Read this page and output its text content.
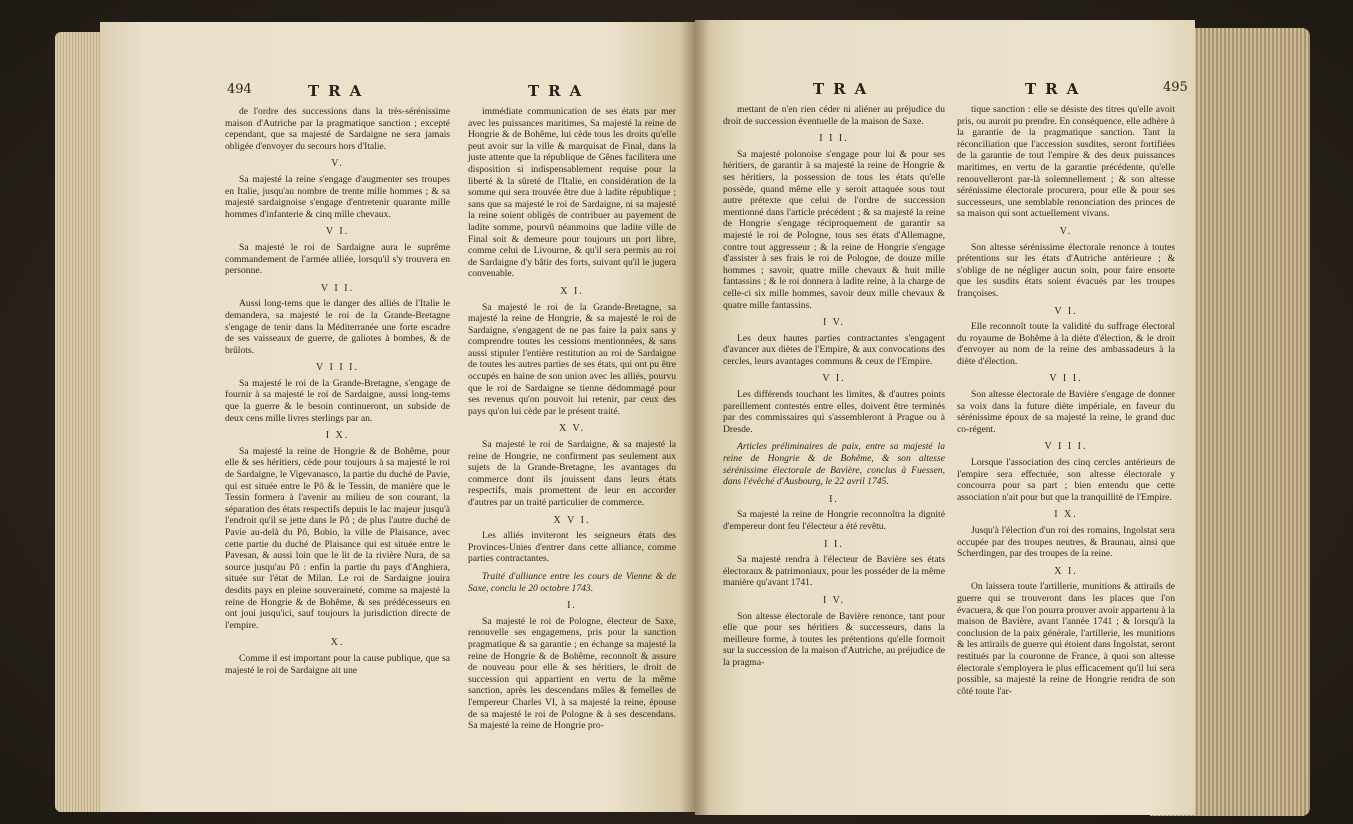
494	TRA	TRA

de l'ordre des successions dans la très-sérénissime maison d'Autriche par la pragmatique sanction ; excepté cependant, que sa majesté de Sardaigne ne sera jamais obligée d'envoyer du secours hors d'Italie.

V.

Sa majesté la reine s'engage d'augmenter ses troupes en Italie, jusqu'au nombre de trente mille hommes ; & sa majesté sardaignoise s'engage d'entretenir quarante mille hommes d'infanterie & cinq mille chevaux.

V I.

Sa majesté le roi de Sardaigne aura le suprême commandement de l'armée alliée, lorsqu'il s'y trouvera en personne.

V I I.

Aussi long-tems que le danger des alliés de l'Italie le demandera, sa majesté le roi de la Grande-Bretagne s'engage de tenir dans la Méditerranée une forte escadre de ses vaisseaux de guerre, de galiotes à bombes, & de brûlots.

V I I I.

Sa majesté le roi de la Grande-Bretagne, s'engage de fournir à sa majesté le roi de Sardaigne, aussi long-tems que la guerre & le besoin continueront, un subside de deux cens mille livres sterlings par an.

I X.

Sa majesté la reine de Hongrie & de Bohême, pour elle & ses héritiers, cède pour toujours à sa majesté le roi de Sardaigne, le Vigevanasco, la partie du duché de Pavie, qui est située entre le Pô & le Tessin, de manière que le Tessin formera à l'avenir au milieu de son courant, la séparation des états respectifs depuis le lac majeur jusqu'à l'endroit qu'il se jette dans le Pô ; de plus l'autre duché de Pavie au-delà du Pô, Bobio, la ville de Plaisance, avec cette partie du duché de Plaisance qui est située entre le Pavesan, & aussi loin que le lit de la rivière Nura, de sa source jusqu'au Pô : enfin la partie du pays d'Anghiera, située sur l'état de Milan. Le roi de Sardaigne jouira desdits pays en pleine souveraineté, comme sa majesté la reine de Hongrie & de Bohême, & ses prédécesseurs en ont joui jusqu'ici, sauf toujours la jurisdiction directe de l'empire.

X.

Comme il est important pour la cause publique, que sa majesté le roi de Sardaigne ait une

immédiate communication de ses états par mer avec les puissances maritimes, Sa majesté la reine de Hongrie & de Bohême, lui cède tous les droits qu'elle peut avoir sur la ville & marquisat de Final, dans la juste attente que la république de Gênes facilitera une disposition si indispensablement requise pour la liberté & la sûreté de l'Italie, en considération de la somme qui sera trouvée être due à ladite république ; sans que sa majesté le roi de Sardaigne, ni sa majesté la reine soient obligés de contribuer au payement de ladite somme, pourvû néanmoins que ladite ville de Final soit & demeure pour toujours un port libre, comme celui de Livourne, & qu'il sera permis au roi de Sardaigne d'y bâtir des forts, suivant qu'il le jugera convenable.

X I.

Sa majesté le roi de la Grande-Bretagne, sa majesté la reine de Hongrie, & sa majesté le roi de Sardaigne, s'engagent de ne pas faire la paix sans y comprendre toutes les cessions mentionnées, & sans aussi stipuler l'entière restitution au roi de Sardaigne de toutes les autres parties de ses états, qui ont pu être occupés en haine de son union avec les alliés, pourvu que le roi de Sardaigne se tienne dédommagé pour ses revenus qu'on pouvoit lui retenir, par ceux des pays qu'on lui cède par le présent traité.

X V.

Sa majesté le roi de Sardaigne, & sa majesté la reine de Hongrie, ne confirment pas seulement aux sujets de la Grande-Bretagne, les avantages du commerce dont ils jouissent dans leurs états respectifs, mais promettent de leur en accorder d'autres par un traité particulier de commerce.

X V I.

Les alliés inviteront les seigneurs états des Provinces-Unies d'entrer dans cette alliance, comme parties contractantes.

Traité d'alliance entre les cours de Vienne & de Saxe, conclu le 20 octobre 1743.

I.

Sa majesté le roi de Pologne, électeur de Saxe, renouvelle ses engagemens, pris pour la sanction pragmatique & sa garantie ; en échange sa majesté la reine de Hongrie & de Bohême, reconnoît & assure de nouveau pour elle & ses héritiers, le droit de succession qui appartient en vertu de la même sanction, après les descendans mâles & femelles de l'empereur Charles VI, à sa majesté la reine, épouse de sa majesté le roi de Pologne & à ses descendans. Sa majesté la reine de Hongrie pro-

TRA	TRA	495

mettant de n'en rien céder ni aliéner au préjudice du droit de succession éventuelle de la maison de Saxe.

I I I.

Sa majesté polonoise s'engage pour lui & pour ses héritiers, de garantir à sa majesté la reine de Hongrie & ses héritiers, la possession de tous les états qu'elle possède, quand même elle y seroit attaquée sous tout autre prétexte que celui de l'ordre de succession mentionné dans l'article précédent ; & sa majesté la reine de Hongrie s'engage réciproquement de garantir sa majesté le roi de Pologne, tous ses états d'Allemagne, contre tout aggresseur ; & la reine de Hongrie s'engage d'assister à ses frais le roi de Pologne, de douze mille hommes ; savoir, quatre mille chevaux & huit mille fantassins ; & le roi donnera à ladite reine, à la charge de celle-ci six mille hommes, savoir deux mille chevaux & quatre mille fantassins.

I V.

Les deux hautes parties contractantes s'engagent d'avancer aux diètes de l'Empire, & aux convocations des cercles, leurs avantages communs & ceux de l'Empire.

V I.

Les différends touchant les limites, & d'autres points pareillement contestés entre elles, doivent être terminés par des commissaires qui s'assembleront à Prague ou à Dresde.

Articles préliminaires de paix, entre sa majesté la reine de Hongrie & de Bohême, & son altesse sérénissime électorale de Bavière, conclus à Fuessen, dans l'évêché d'Ausbourg, le 22 avril 1745.

I.

Sa majesté la reine de Hongrie reconnoîtra la dignité d'empereur dont feu l'électeur a été revêtu.

I I.

Sa majesté rendra à l'électeur de Bavière ses états électoraux & patrimoniaux, pour les posséder de la même manière qu'avant 1741.

I V.

Son altesse électorale de Bavière renonce, tant pour elle que pour ses héritiers & successeurs, dans la meilleure forme, à toutes les prétentions qu'elle formoit sur la succession de la maison d'Autriche, au préjudice de la pragma-

tique sanction : elle se désiste des titres qu'elle avoit pris, ou auroit pu prendre. En conséquence, elle adhère à la garantie de la pragmatique sanction. Tant la réconciliation que l'accession susdites, seront fortifiées de la garantie de tout l'empire & des deux puissances maritimes, en vertu de la garantie précédente, qu'elle renouvelleront par-là solemnellement ; & son altesse sérénissime électorale procurera, pour elle & pour ses successeurs, une semblable renonciation des princes de sa maison qui sont actuellement vivans.

V.

Son altesse sérénissime électorale renonce à toutes prétentions sur les états d'Autriche antérieure ; & s'oblige de ne négliger aucun soin, pour faire ensorte que les susdits états soient évacués par les troupes françoises.

V I.

Elle reconnoît toute la validité du suffrage électoral du royaume de Bohême à la diète d'élection, & le droit d'envoyer au nom de la reine des ambassadeurs à la diète d'élection.

V I I.

Son altesse électorale de Bavière s'engage de donner sa voix dans la future diète impériale, en faveur du sérénissime époux de sa majesté la reine, le grand duc co-régent.

V I I I.

Lorsque l'association des cinq cercles antérieurs de l'empire sera effectuée, son altesse électorale y concourra pour sa part ; bien entendu que cette association n'ait pour but que la tranquillité de l'Empire.

I X.

Jusqu'à l'élection d'un roi des romains, Ingolstat sera occupée par des troupes neutres, & Braunau, ainsi que Scherdingen, par des troupes de la reine.

X I.

On laissera toute l'artillerie, munitions & attirails de guerre qui se trouveront dans les places que l'on évacuera, & que l'on pourra prouver avoir appartenu à la maison de Bavière, avant l'année 1741 ; & lorsqu'à la conclusion de la paix générale, l'artillerie, les munitions & les attirails de guerre qui étoient dans Ingolstat, seront restitués par la couronne de France, à quoi son altesse électorale s'employera le plus efficacement qu'il lui sera possible, sa majesté la reine de Hongrie rendra de son côté toute l'ar-
